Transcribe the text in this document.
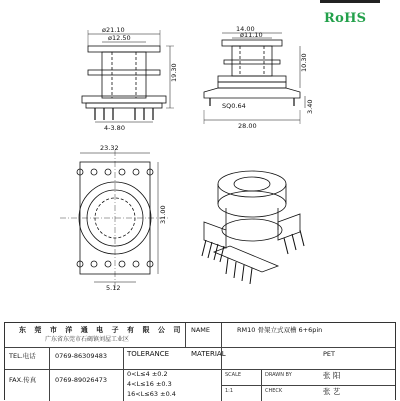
RoHS
ø21.10
ø12.50
19.30
4-3.80
14.00
ø11.10
10.30
SQ0.64
28.00
3.40
23.32
31.00
5.12
东 莞 市 洋 通 电 子 有 限 公 司
广东省东莞市石碣镇刘屋工业区
NAME	RM10 骨架立式双槽 6+6pin
TEL.电话	0769-86309483
FAX.传真	0769-89026473
TOLERANCE
0<L≤4 ±0.2
4<L≤16 ±0.3
16<L≤63 ±0.4
MATERIAL	PET
SCALE	DRAWN BY	张 阳
1:1	CHECK	张 艺
